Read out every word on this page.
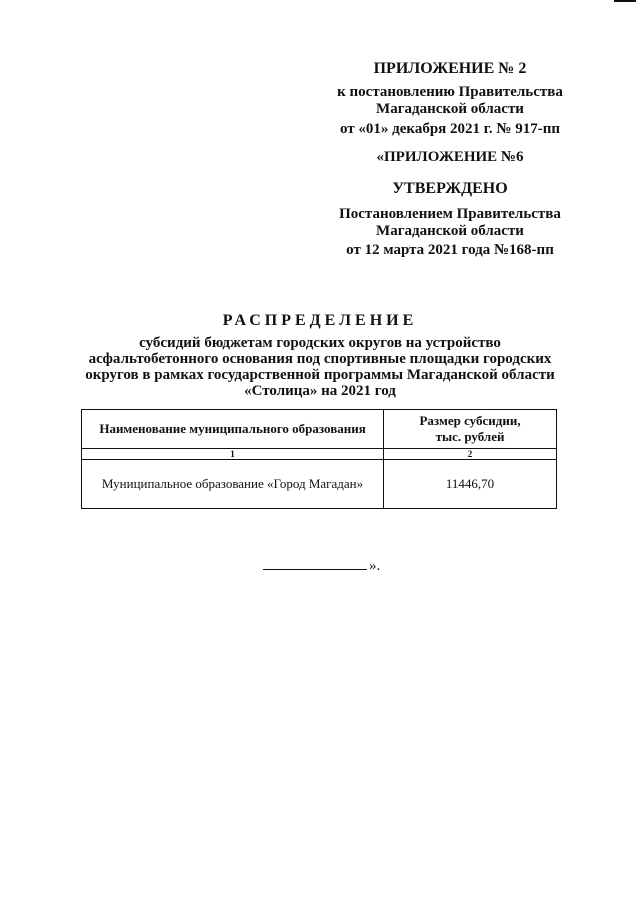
ПРИЛОЖЕНИЕ № 2
к постановлению Правительства
Магаданской области
от «01» декабря 2021 г. № 917-пп
«ПРИЛОЖЕНИЕ №6
УТВЕРЖДЕНО
Постановлением Правительства
Магаданской области
от 12 марта 2021 года №168-пп
РАСПРЕДЕЛЕНИЕ
субсидий бюджетам городских округов на устройство
асфальтобетонного основания под спортивные площадки городских
округов в рамках государственной программы Магаданской области
«Столица» на 2021 год
Наименование муниципального образования	Размер субсидии,
тыс. рублей

1	2
Муниципальное образование «Город Магадан»	11446,70
».
